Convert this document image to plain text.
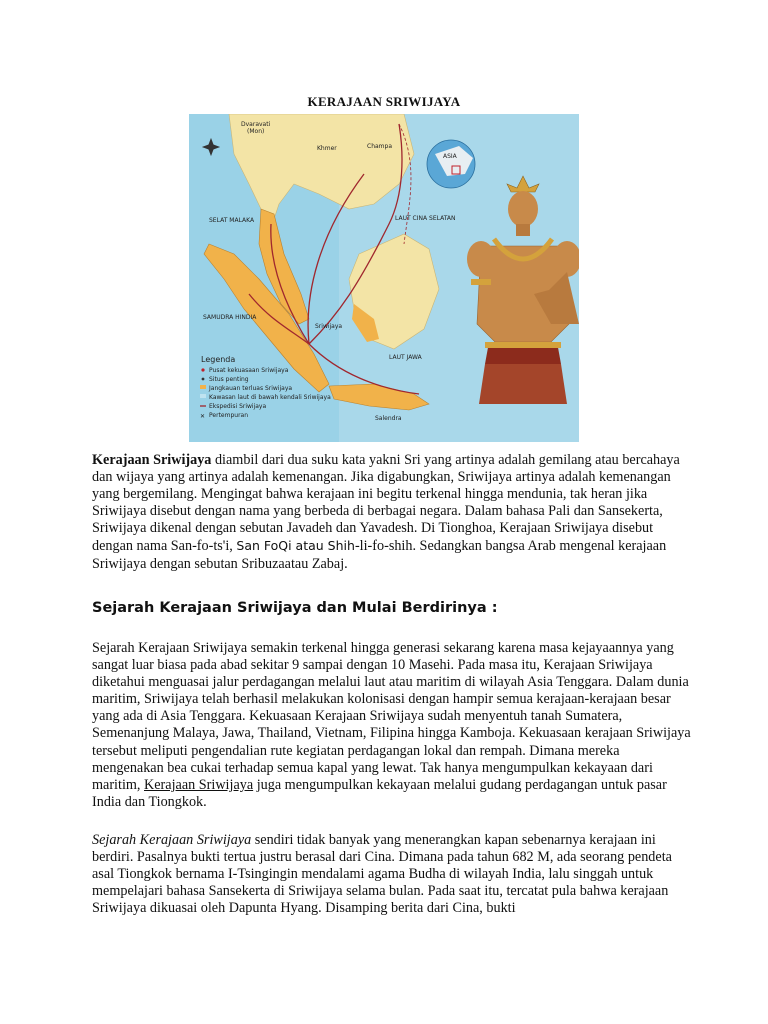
KERAJAAN SRIWIJAYA
ASIA
Dvaravati
(Mon)
Khmer	Champa
LAUT CINA SELATAN
SELAT MALAKA
SAMUDRA HINDIA
Sriwijaya
LAUT JAWA
Salendra
Legenda
Pusat kekuasaan Sriwijaya
Situs penting
Jangkauan terluas Sriwijaya
Kawasan laut di bawah kendali Sriwijaya
Ekspedisi Sriwijaya
✕ Pertempuran

Kerajaan Sriwijaya diambil dari dua suku kata yakni Sri yang artinya adalah gemilang atau bercahaya dan wijaya yang artinya adalah kemenangan. Jika digabungkan, Sriwijaya artinya adalah kemenangan yang bergemilang. Mengingat bahwa kerajaan ini begitu terkenal hingga mendunia, tak heran jika Sriwijaya disebut dengan nama yang berbeda di berbagai negara. Dalam bahasa Pali dan Sansekerta, Sriwijaya dikenal dengan sebutan Javadeh dan Yavadesh. Di Tionghoa, Kerajaan Sriwijaya disebut dengan nama San-fo-ts'i, San FoQi atau Shih-li-fo-shih. Sedangkan bangsa Arab mengenal kerajaan Sriwijaya dengan sebutan Sribuzaatau Zabaj.

Sejarah Kerajaan Sriwijaya dan Mulai Berdirinya :

Sejarah Kerajaan Sriwijaya semakin terkenal hingga generasi sekarang karena masa kejayaannya yang sangat luar biasa pada abad sekitar 9 sampai dengan 10 Masehi. Pada masa itu, Kerajaan Sriwijaya diketahui menguasai jalur perdagangan melalui laut atau maritim di wilayah Asia Tenggara. Dalam dunia maritim, Sriwijaya telah berhasil melakukan kolonisasi dengan hampir semua kerajaan-kerajaan besar yang ada di Asia Tenggara. Kekuasaan Kerajaan Sriwijaya sudah menyentuh tanah Sumatera, Semenanjung Malaya, Jawa, Thailand, Vietnam, Filipina hingga Kamboja. Kekuasaan kerajaan Sriwijaya tersebut meliputi pengendalian rute kegiatan perdagangan lokal dan rempah. Dimana mereka mengenakan bea cukai terhadap semua kapal yang lewat. Tak hanya mengumpulkan kekayaan dari maritim, Kerajaan Sriwijaya juga mengumpulkan kekayaan melalui gudang perdagangan untuk pasar India dan Tiongkok.

Sejarah Kerajaan Sriwijaya sendiri tidak banyak yang menerangkan kapan sebenarnya kerajaan ini berdiri. Pasalnya bukti tertua justru berasal dari Cina. Dimana pada tahun 682 M, ada seorang pendeta asal Tiongkok bernama I-Tsingingin mendalami agama Budha di wilayah India, lalu singgah untuk mempelajari bahasa Sansekerta di Sriwijaya selama bulan. Pada saat itu, tercatat pula bahwa kerajaan Sriwijaya dikuasai oleh Dapunta Hyang. Disamping berita dari Cina, bukti
